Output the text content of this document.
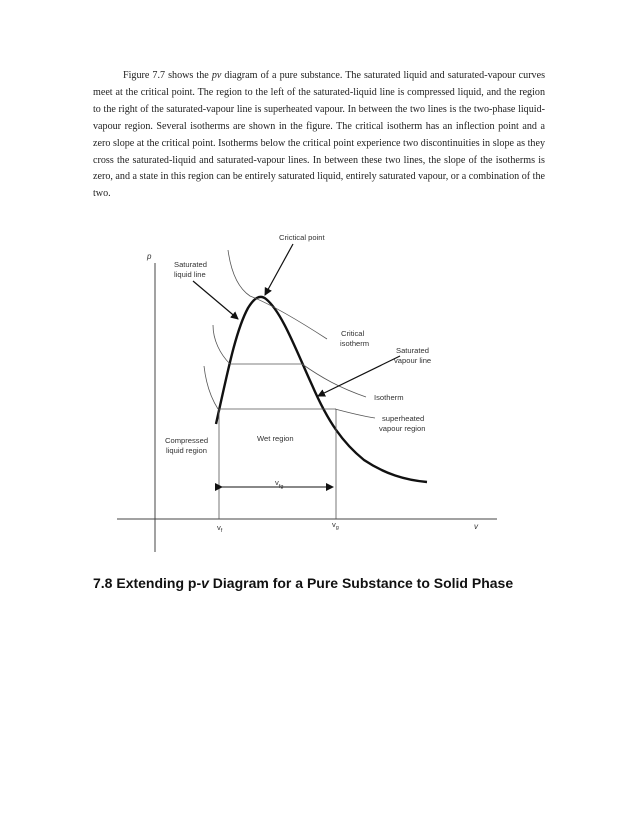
Figure 7.7 shows the pv diagram of a pure substance. The saturated liquid and saturated-vapour curves meet at the critical point. The region to the left of the saturated-liquid line is compressed liquid, and the region to the right of the saturated-vapour line is superheated vapour. In between the two lines is the two-phase liquid-vapour region. Several isotherms are shown in the figure. The critical isotherm has an inflection point and a zero slope at the critical point. Isotherms below the critical point experience two discontinuities in slope as they cross the saturated-liquid and saturated-vapour lines. In between these two lines, the slope of the isotherms is zero, and a state in this region can be entirely saturated liquid, entirely saturated vapour, or a combination of the two.

p
v
Crictical point
Saturated
liquid line
Critical
isotherm
Saturated
vapour line
Isotherm
superheated
vapour region
Wet region
Compressed
liquid region
$v_{fg}$
$v_f$
$v_g$
7.8 Extending p-v Diagram for a Pure Substance to Solid Phase
